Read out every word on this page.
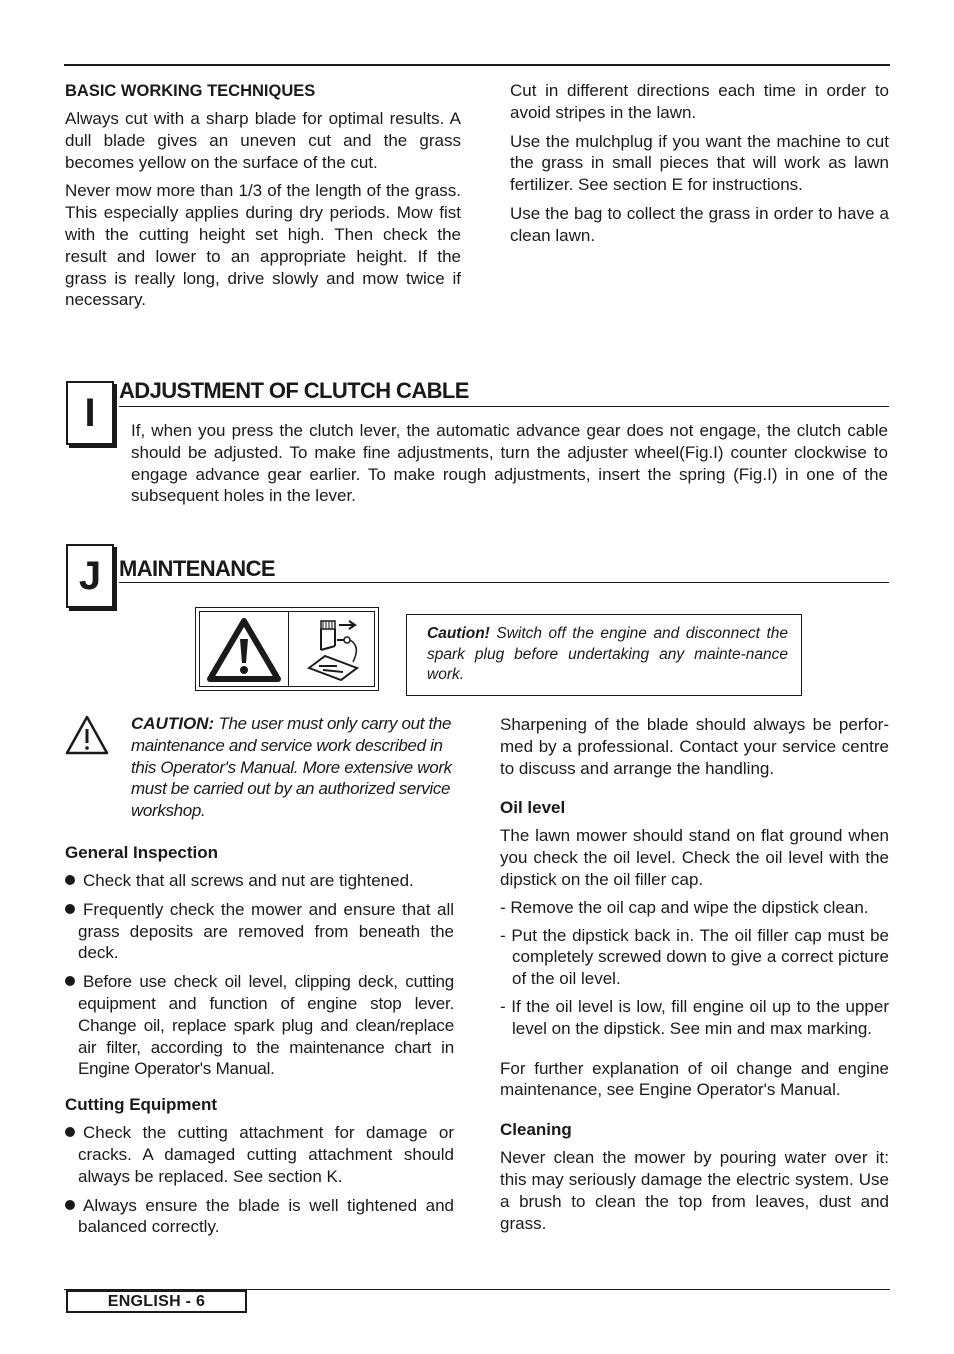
BASIC WORKING TECHNIQUES

Always cut with a sharp blade for optimal results. A dull blade gives an uneven cut and the grass becomes yellow on the surface of the cut.

Never mow more than 1/3 of the length of the grass. This especially applies during dry periods. Mow fist with the cutting height set high. Then check the result and lower to an appropriate height. If the grass is really long, drive slowly and mow twice if necessary.

Cut in different directions each time in order to avoid stripes in the lawn.

Use the mulchplug if you want the machine to cut the grass in small pieces that will work as lawn fertilizer. See section E for instructions.

Use the bag to collect the grass in order to have a clean lawn.

I	ADJUSTMENT OF CLUTCH CABLE

If, when you press the clutch lever, the automatic advance gear does not engage, the clutch cable should be adjusted. To make fine adjustments, turn the adjuster wheel(Fig.I) counter clockwise to engage advance gear earlier. To make rough adjustments, insert the spring (Fig.I) in one of the subsequent holes in the lever.

J MAINTENANCE
Caution! Switch off the engine and disconnect the spark plug before undertaking any mainte-nance work.

CAUTION: The user must only carry out the maintenance and service work described in this Operator's Manual. More extensive work must be carried out by an authorized service workshop.

General Inspection

Check that all screws and nut are tightened.
Frequently check the mower and ensure that all grass deposits are removed from beneath the deck.
Before use check oil level, clipping deck, cutting equipment and function of engine stop lever. Change oil, replace spark plug and clean/replace air filter, according to the maintenance chart in Engine Operator's Manual.

Cutting Equipment

Check the cutting attachment for damage or cracks. A damaged cutting attachment should always be replaced. See section K.
Always ensure the blade is well tightened and balanced correctly.

Sharpening of the blade should always be perfor-med by a professional. Contact your service centre to discuss and arrange the handling.

Oil level

The lawn mower should stand on flat ground when you check the oil level. Check the oil level with the dipstick on the oil filler cap.

- Remove the oil cap and wipe the dipstick clean.
- Put the dipstick back in. The oil filler cap must be completely screwed down to give a correct picture of the oil level.
- If the oil level is low, fill engine oil up to the upper level on the dipstick. See min and max marking.

For further explanation of oil change and engine maintenance, see Engine Operator's Manual.

Cleaning

Never clean the mower by pouring water over it: this may seriously damage the electric system. Use a brush to clean the top from leaves, dust and grass.

ENGLISH - 6
